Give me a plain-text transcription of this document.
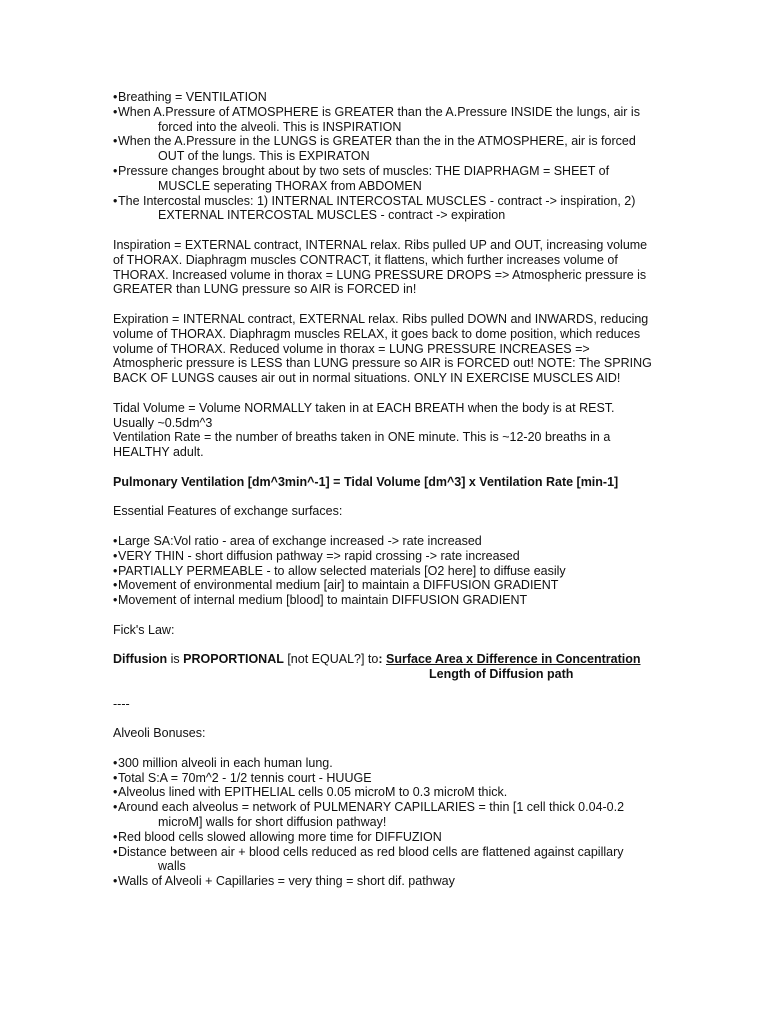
•Breathing = VENTILATION
•When A.Pressure of ATMOSPHERE is GREATER than the A.Pressure INSIDE the lungs, air is
forced into the alveoli. This is INSPIRATION
•When the A.Pressure in the LUNGS is GREATER than the in the ATMOSPHERE, air is forced
OUT of the lungs. This is EXPIRATON
•Pressure changes brought about by two sets of muscles: THE DIAPRHAGM = SHEET of
MUSCLE seperating THORAX from ABDOMEN
•The Intercostal muscles: 1) INTERNAL INTERCOSTAL MUSCLES - contract -> inspiration, 2)
EXTERNAL INTERCOSTAL MUSCLES - contract -> expiration
Inspiration = EXTERNAL contract, INTERNAL relax. Ribs pulled UP and OUT, increasing volume
of THORAX. Diaphragm muscles CONTRACT, it flattens, which further increases volume of
THORAX. Increased volume in thorax = LUNG PRESSURE DROPS => Atmospheric pressure is
GREATER than LUNG pressure so AIR is FORCED in!
Expiration = INTERNAL contract, EXTERNAL relax. Ribs pulled DOWN and INWARDS, reducing
volume of THORAX. Diaphragm muscles RELAX, it goes back to dome position, which reduces
volume of THORAX. Reduced volume in thorax = LUNG PRESSURE INCREASES =>
Atmospheric pressure is LESS than LUNG pressure so AIR is FORCED out! NOTE: The SPRING
BACK OF LUNGS causes air out in normal situations. ONLY IN EXERCISE MUSCLES AID!
Tidal Volume = Volume NORMALLY taken in at EACH BREATH when the body is at REST.
Usually ~0.5dm^3
Ventilation Rate = the number of breaths taken in ONE minute. This is ~12-20 breaths in a
HEALTHY adult.
Pulmonary Ventilation [dm^3min^-1] = Tidal Volume [dm^3] x Ventilation Rate [min-1]
Essential Features of exchange surfaces:
•Large SA:Vol ratio - area of exchange increased -> rate increased
•VERY THIN - short diffusion pathway => rapid crossing -> rate increased
•PARTIALLY PERMEABLE - to allow selected materials [O2 here] to diffuse easily
•Movement of environmental medium [air] to maintain a DIFFUSION GRADIENT
•Movement of internal medium [blood] to maintain DIFFUSION GRADIENT
Fick's Law:
Diffusion is PROPORTIONAL [not EQUAL?] to: Surface Area x Difference in Concentration
Length of Diffusion path
----
Alveoli Bonuses:
•300 million alveoli in each human lung.
•Total S:A = 70m^2 - 1/2 tennis court - HUUGE
•Alveolus lined with EPITHELIAL cells 0.05 microM to 0.3 microM thick.
•Around each alveolus = network of PULMENARY CAPILLARIES = thin [1 cell thick 0.04-0.2
microM] walls for short diffusion pathway!
•Red blood cells slowed allowing more time for DIFFUZION
•Distance between air + blood cells reduced as red blood cells are flattened against capillary
walls
•Walls of Alveoli + Capillaries = very thing = short dif. pathway
